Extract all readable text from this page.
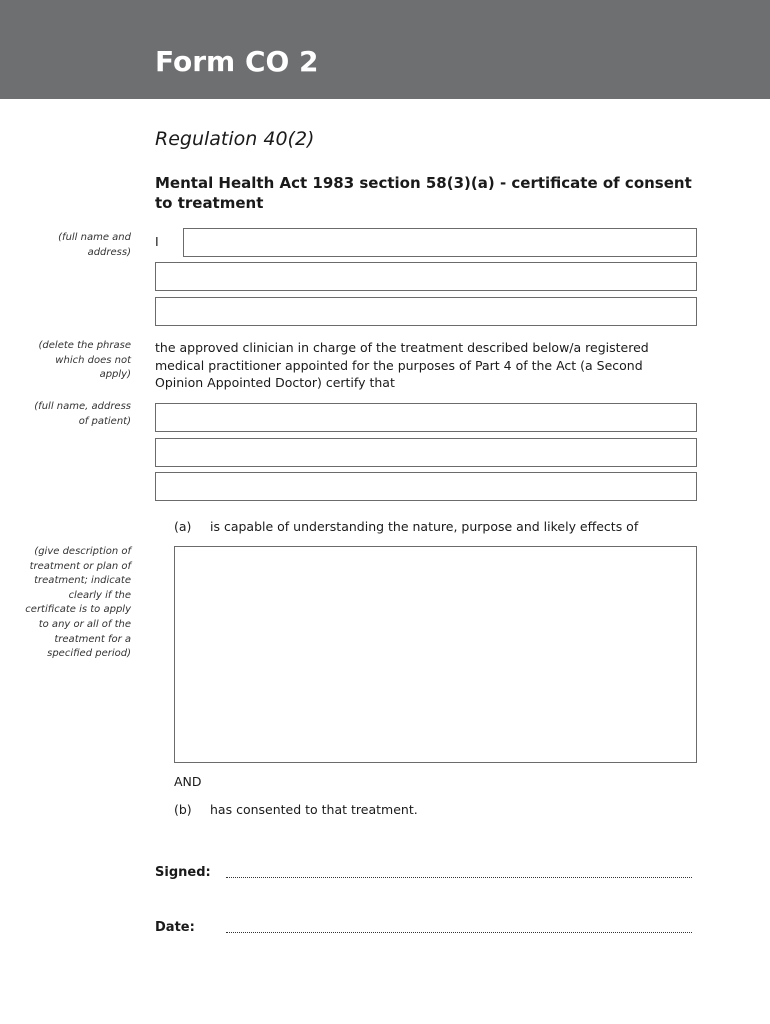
Form CO 2
Regulation 40(2)
Mental Health Act 1983 section 58(3)(a) - certificate of consent to treatment
(full name and address)
I
(delete the phrase which does not apply)
the approved clinician in charge of the treatment described below/a registered medical practitioner appointed for the purposes of Part 4 of the Act (a Second Opinion Appointed Doctor) certify that
(full name, address of patient)
(a) is capable of understanding the nature, purpose and likely effects of
(give description of treatment or plan of treatment; indicate clearly if the certificate is to apply to any or all of the treatment for a specified period)
AND
(b) has consented to that treatment.
Signed:
Date:
